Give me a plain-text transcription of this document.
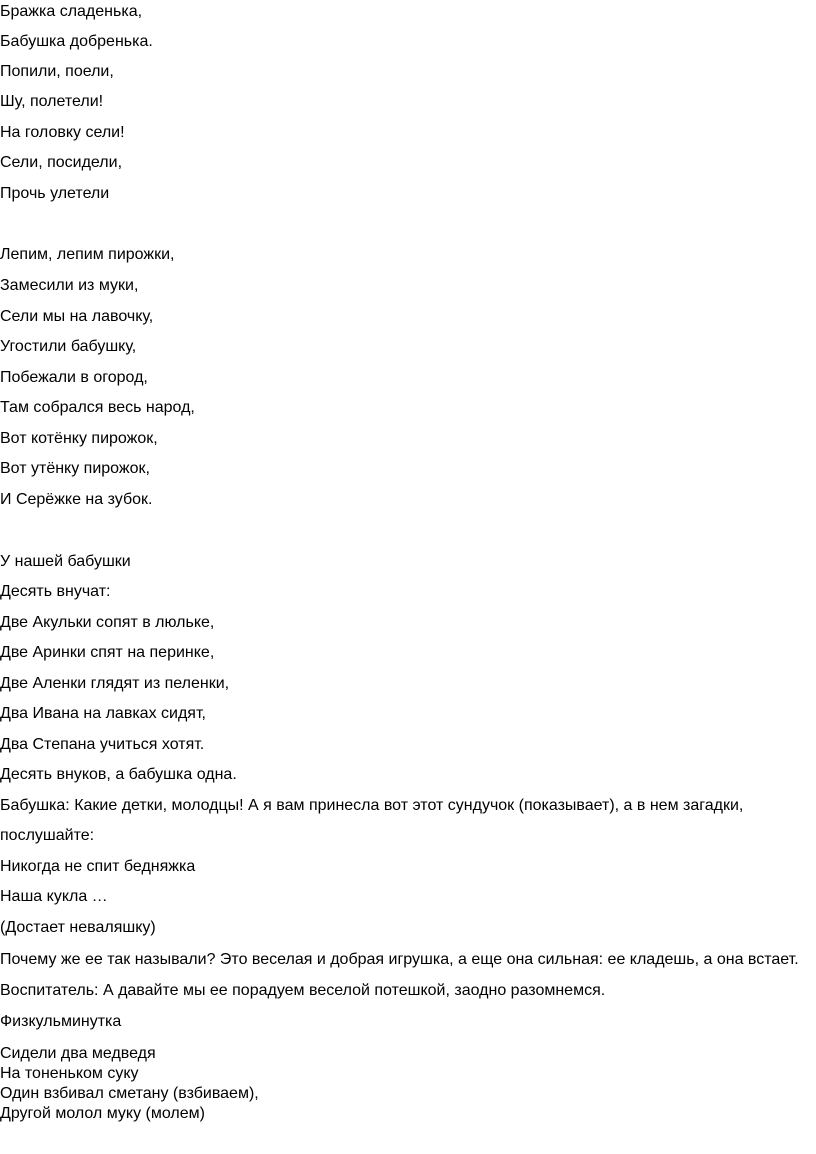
Бражка сладенька,
Бабушка добренька.
Попили, поели,
Шу, полетели!
На головку сели!
Сели, посидели,
Прочь улетели
Лепим, лепим пирожки,
Замесили из муки,
Сели мы на лавочку,
Угостили бабушку,
Побежали в огород,
Там собрался весь народ,
Вот котёнку пирожок,
Вот утёнку пирожок,
И Серёжке на зубок.
У нашей бабушки
Десять внучат:
Две Акульки сопят в люльке,
Две Аринки спят на перинке,
Две Аленки глядят из пеленки,
Два Ивана на лавках сидят,
Два Степана учиться хотят.
Десять внуков, а бабушка одна.
Бабушка: Какие детки, молодцы! А я вам принесла вот этот сундучок (показывает), а в нем загадки,
послушайте:
Никогда не спит бедняжка
Наша кукла …
(Достает неваляшку)
Почему же ее так называли? Это веселая и добрая игрушка, а еще она сильная: ее кладешь, а она встает.
Воспитатель: А давайте мы ее порадуем веселой потешкой, заодно разомнемся.
Физкульминутка
Сидели два медведя
На тоненьком суку
Один взбивал сметану (взбиваем),
Другой молол муку (молем)
